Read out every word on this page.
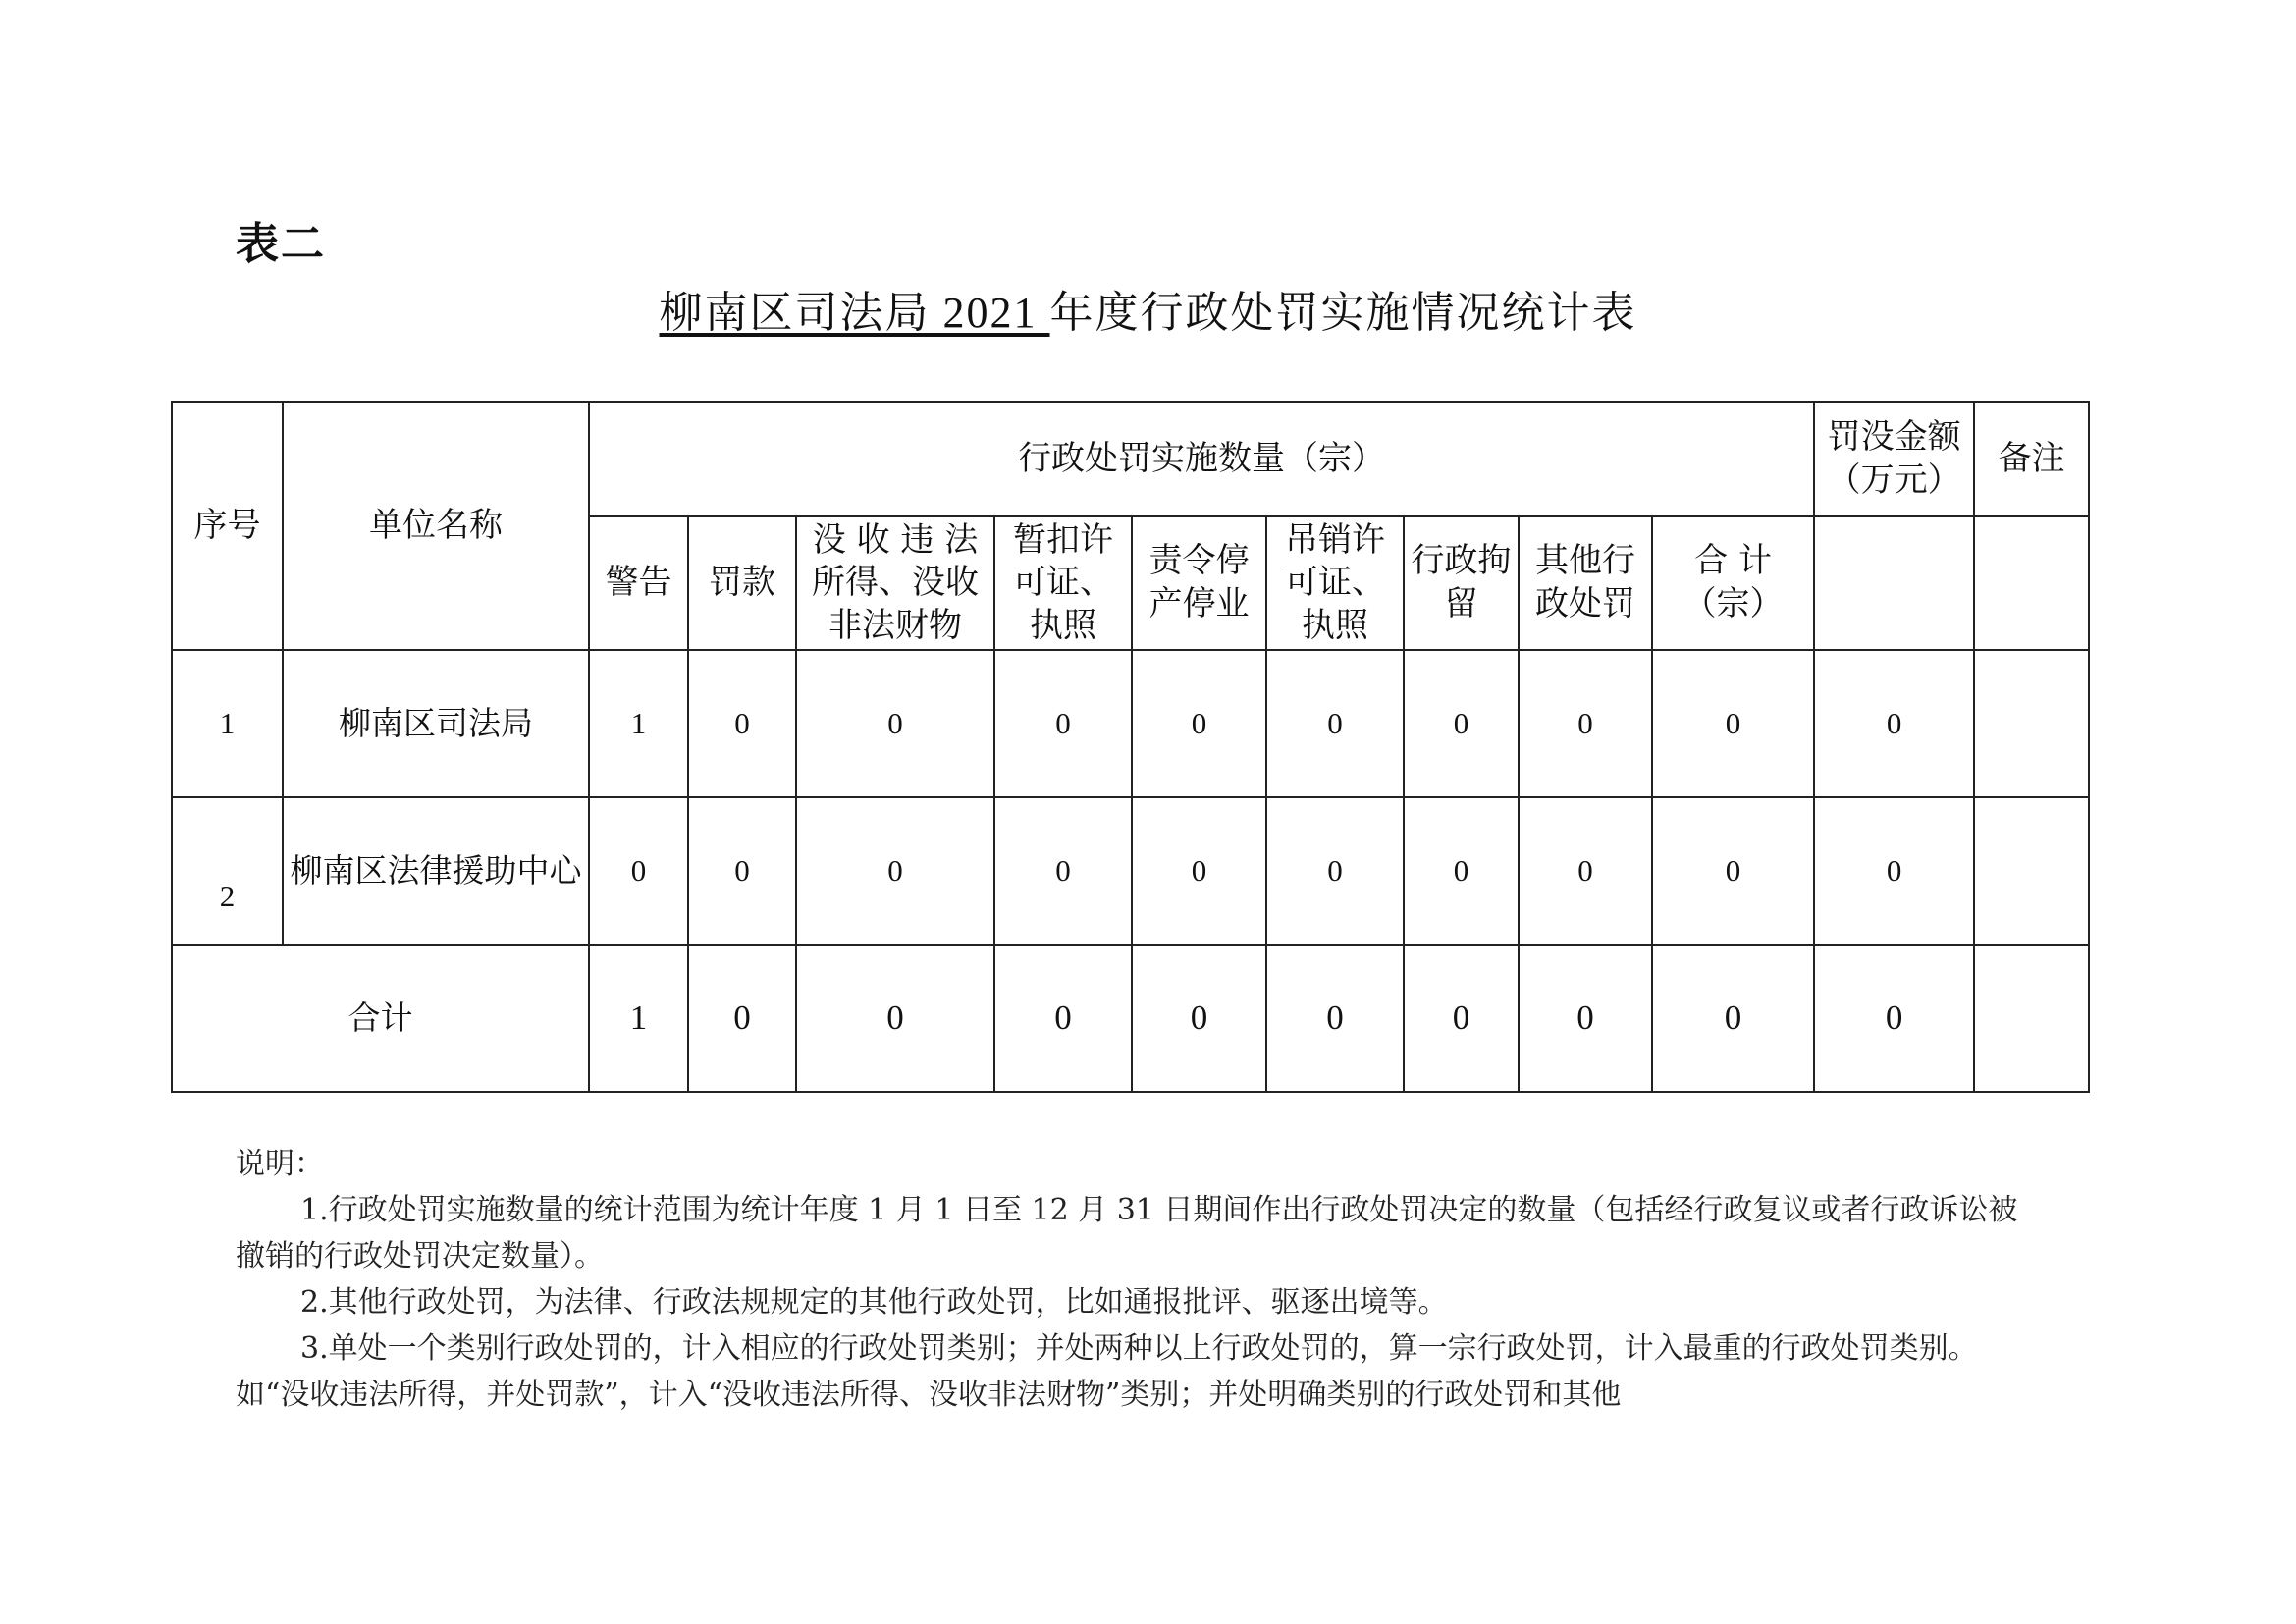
表二
柳南区司法局 2021 年度行政处罚实施情况统计表
序号	单位名称	行政处罚实施数量（宗）									罚没金额（万元）	备注
		警告	罚款	没 收 违 法所得、没收非法财物	暂扣许可证、执照	责令停产停业	吊销许可证、执照	行政拘留	其他行政处罚	合 计（宗）		
1	柳南区司法局	1	0	0	0	0	0	0	0	0	0	
2	柳南区法律援助中心	0	0	0	0	0	0	0	0	0	0	
合计		1	0	0	0	0	0	0	0	0	0	

说明：

1.行政处罚实施数量的统计范围为统计年度 1 月 1 日至 12 月 31 日期间作出行政处罚决定的数量（包括经行政复议或者行政诉讼被撤销的行政处罚决定数量）。

2.其他行政处罚，为法律、行政法规规定的其他行政处罚，比如通报批评、驱逐出境等。

3.单处一个类别行政处罚的，计入相应的行政处罚类别；并处两种以上行政处罚的，算一宗行政处罚，计入最重的行政处罚类别。如“没收违法所得，并处罚款”，计入“没收违法所得、没收非法财物”类别；并处明确类别的行政处罚和其他
